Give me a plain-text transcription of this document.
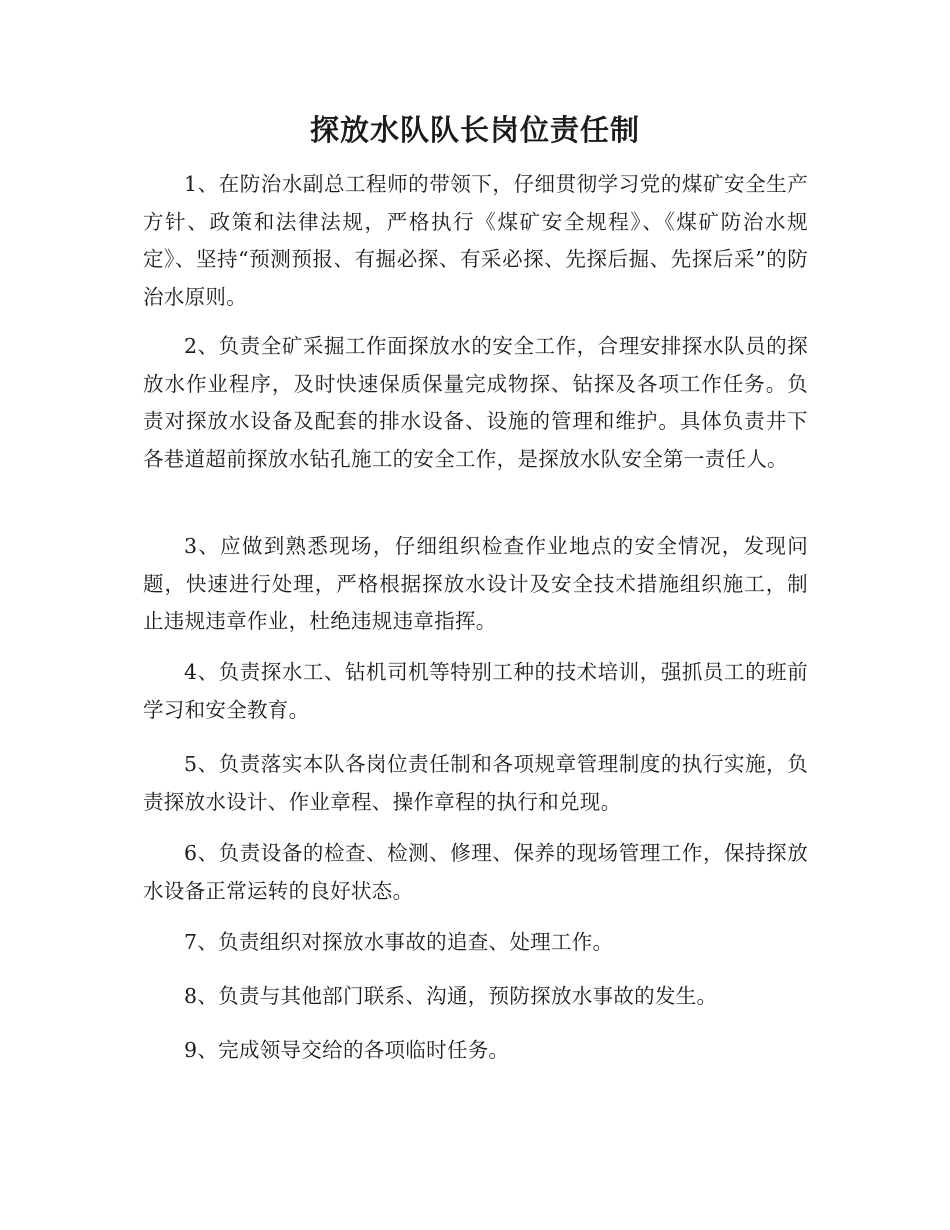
探放水队队长岗位责任制

1、在防治水副总工程师的带领下，仔细贯彻学习党的煤矿安全生产方针、政策和法律法规，严格执行《煤矿安全规程》、《煤矿防治水规定》、坚持“预测预报、有掘必探、有采必探、先探后掘、先探后采”的防治水原则。

2、负责全矿采掘工作面探放水的安全工作，合理安排探水队员的探放水作业程序，及时快速保质保量完成物探、钻探及各项工作任务。负责对探放水设备及配套的排水设备、设施的管理和维护。具体负责井下各巷道超前探放水钻孔施工的安全工作，是探放水队安全第一责任人。

3、应做到熟悉现场，仔细组织检查作业地点的安全情况，发现问题，快速进行处理，严格根据探放水设计及安全技术措施组织施工，制止违规违章作业，杜绝违规违章指挥。

4、负责探水工、钻机司机等特别工种的技术培训，强抓员工的班前学习和安全教育。

5、负责落实本队各岗位责任制和各项规章管理制度的执行实施，负责探放水设计、作业章程、操作章程的执行和兑现。

6、负责设备的检查、检测、修理、保养的现场管理工作，保持探放水设备正常运转的良好状态。

7、负责组织对探放水事故的追查、处理工作。

8、负责与其他部门联系、沟通，预防探放水事故的发生。

9、完成领导交给的各项临时任务。
